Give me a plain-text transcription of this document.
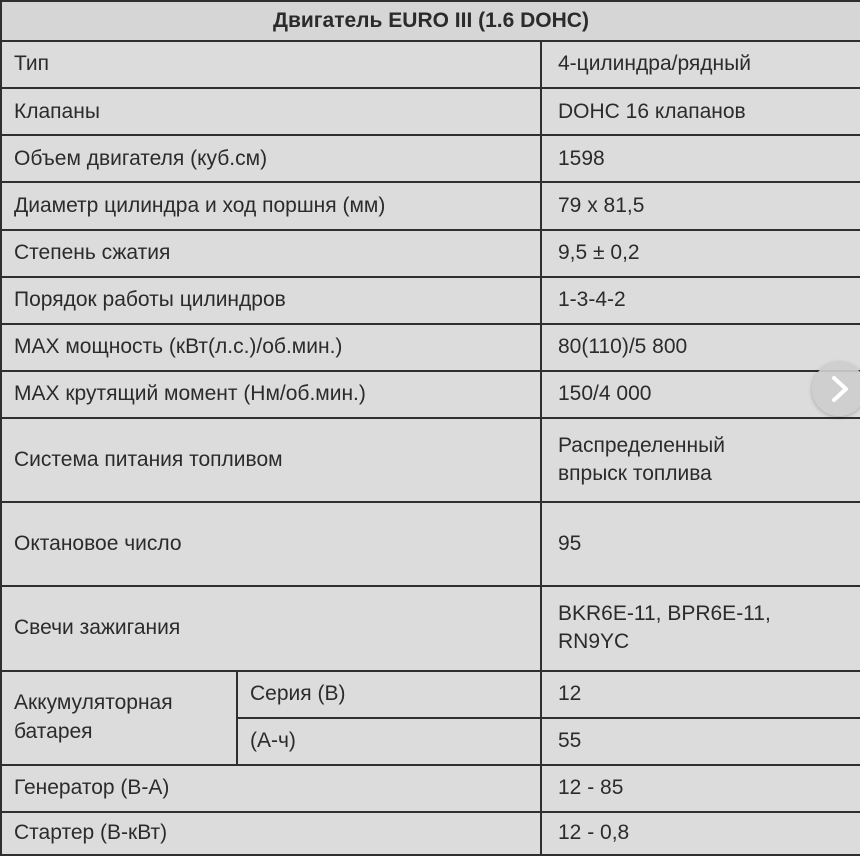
Двигатель EURO III (1.6 DOHC)		
Тип		4-цилиндра/рядный
Клапаны		DOHC 16 клапанов
Объем двигателя (куб.см)		1598
Диаметр цилиндра и ход поршня (мм)		79 x 81,5
Степень сжатия		9,5 ± 0,2
Порядок работы цилиндров		1-3-4-2
MAX мощность (кВт(л.с.)/об.мин.)		80(110)/5 800
MAX крутящий момент (Нм/об.мин.)		150/4 000
Система питания топливом		Распределенный
впрыск топлива
Октановое число		95
Свечи зажигания		BKR6E-11, BPR6E-11,
RN9YC
Аккумуляторная
батарея	Серия (В)	12
	(А-ч)	55
Генератор (В-А)		12 - 85
Стартер (В-кВт)		12 - 0,8
